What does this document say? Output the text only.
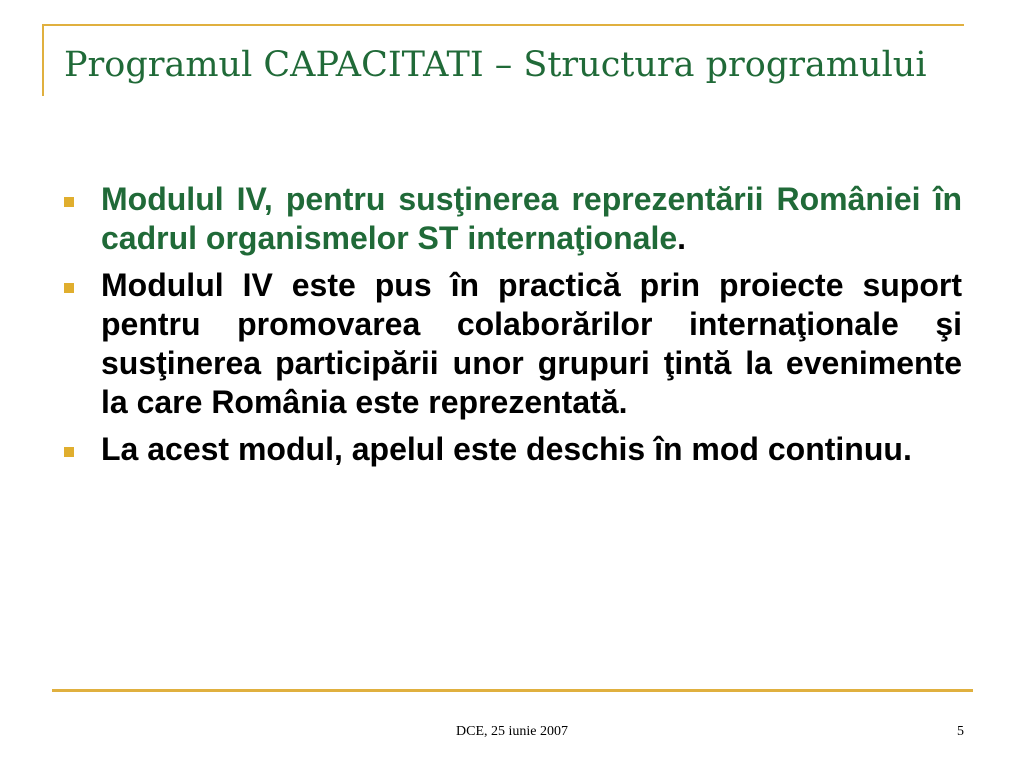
Programul CAPACITATI – Structura programului
Modulul IV, pentru susţinerea reprezentării României în cadrul organismelor ST internaţionale.
Modulul IV este pus în practică prin proiecte suport pentru promovarea colaborărilor internaţionale şi susţinerea participării unor grupuri ţintă la evenimente la care România este reprezentată.
La acest modul, apelul este deschis în mod continuu.
DCE, 25 iunie 2007	5
